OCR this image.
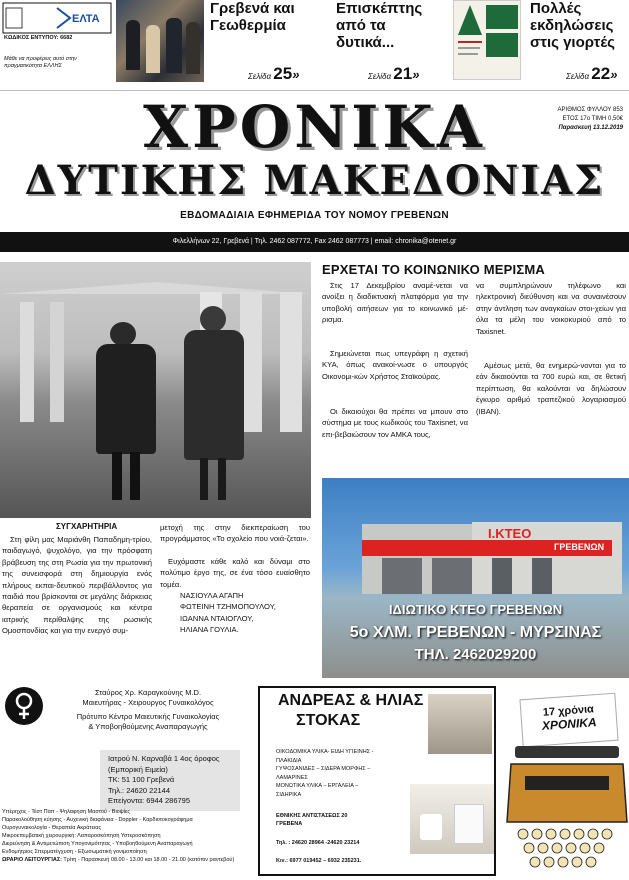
ΕΛΤΑ
ΚΩΔΙΚΟΣ ΕΝΤΥΠΟΥ: 6682
Μάθε να προφέρεις αυτό στην πραγματικότητα ΕΛΛΗΣ
Γρεβενά και Γεωθερμία
Σελίδα 25»
Επισκέπτης από τα δυτικά...
Σελίδα 21»
Πολλές εκδηλώσεις στις γιορτές
Σελίδα 22»
ΧΡΟΝΙΚΑ
ΔΥΤΙΚΗΣ ΜΑΚΕΔΟΝΙΑΣ
ΑΡΙΘΜΟΣ ΦΥΛΛΟΥ 853
ΕΤΟΣ 17ο ΤΙΜΗ 0,50€
Παρασκευή 13.12.2019
ΕΒΔΟΜΑΔΙΑΙΑ ΕΦΗΜΕΡΙΔΑ ΤΟΥ ΝΟΜΟΥ ΓΡΕΒΕΝΩΝ
Φιλελλήνων 22, Γρεβενά | Τηλ. 2462 087772, Fax 2462 087773 | email: chronika@otenet.gr
ΣΥΓΧΑΡΗΤΗΡΙΑ
Στη φίλη μας Μαριάνθη Παπαδημη-τρίου, παιδαγωγό, ψυχολόγο, για την πρόσφατη βράβευση της στη Ρωσία για την πρωτονική της συνεισφορά στη δημιουργία ενός πλήρους εκπαι-δευτικού περιβάλλοντος για παιδιά που βρίσκονται σε μεγάλης διάρκειας θεραπεία σε οργανισμούς και κέντρα ιατρικής περίθαλψης της ρωσικής Ομοσπονδίας και για την ενεργό συμ-
μετοχή της στην διεκπεραίωση του προγράμματος «Το σχολείο που νοιά-ζεται».
Ευχόμαστε κάθε καλό και δύναμι στο πολύτιμο έργο της, σε ένα τόσο ευαίσθητο τομέα.
ΝΑΣΙΟΥΛΑ ΑΓΑΠΗ
ΦΩΤΕΙΝΗ ΤΖΗΜΟΠΟΥΛΟΥ,
ΙΩΑΝΝΑ ΝΤΑΙΟΓΛΟΥ,
ΗΛΙΑΝΑ ΓΟΥΛΙΑ.
ΕΡΧΕΤΑΙ ΤΟ ΚΟΙΝΩΝΙΚΟ ΜΕΡΙΣΜΑ
Στις 17 Δεκεμβρίου αναμέ-νεται να ανοίξει η διαδικτυακή πλατφόρμα για την υποβολή αιτήσεων για το κοινωνικό μέ-ρισμα.
Σημειώνεται πως υπεγράφη η σχετική ΚΥΑ, όπως ανακοί-νωσε ο υπουργός Οικονομι-κών Χρήστος Σταϊκούρας.
Οι δικαιούχοι θα πρέπει να μπουν στο σύστημα με τους κωδικούς του Taxisnet, να επι-βεβαιώσουν τον ΑΜΚΑ τους,
να συμπληρώνουν τηλέφωνο και ηλεκτρονική διεύθυνση και να συναινέσουν στην άντληση των αναγκαίων στοι-χείων για όλα τα μέλη του νοικοκυριού από το Taxisnet.
Αμέσως μετά, θα ενημερώ-νονται για το εάν δικαιούνται τα 700 ευρώ και, σε θετική περίπτωση, θα καλούνται να δηλώσουν έγκυρο αριθμό τραπεζικού λογαριασμού (IBAN).
Ι.ΚΤΕΟ
ΓΡΕΒΕΝΩΝ
ΙΔΙΩΤΙΚΟ ΚΤΕΟ ΓΡΕΒΕΝΩΝ
5ο ΧΛΜ. ΓΡΕΒΕΝΩΝ - ΜΥΡΣΙΝΑΣ
ΤΗΛ. 2462029200
Σταύρος Χρ. Καραγκούνης M.D.
Μαιευτήρας - Χειρουργος Γυναικολόγος
Πρότυπο Κέντρο Μαιευτικής Γυναικολογίας
& Υποβοηθούμενης Αναπαραγωγής
Ιατρού Ν. Καρναβά 1 4ος όροφος
(Εμπορική Ειμεία)
ΤΚ: 51 100 Γρεβενά
Τηλ.: 24620 22144
Επείγοντα: 6944 286795
Υπέρηχος - Τέστ Παπ - Ψηλαφηση Μαστού - Βιοψίες
Παρακολούθηση κύησης - Αυχενική διαφάνεια - Doppler - Καρδιοτοκογράφημα
Ουρογυναικολογία - Θεραπεία Ακράτειας
Μικροεπεμβατική χειρουργική: Λαπαροσκόπηση Υστεροσκόπηση
Διερεύνηση & Αντιμετώπιση Υπογονιμότητας - Υποβοηθούμενη Αναπαραγωγή
Ενδομήτριος Σπερματέγχυση - Εξωσωματική γονιμοποίηση
ΩΡΑΡΙΟ ΛΕΙΤΟΥΡΓΙΑΣ: Τρίτη - Παρασκευή 08.00 - 13.00 και 18.00 - 21.00 (κατόπιν ραντεβού)
ΑΝΔΡΕΑΣ & ΗΛΙΑΣ
ΣΤΟΚΑΣ
ΟΙΚΟΔΟΜΙΚΑ ΥΛΙΚΑ- ΕΙΔΗ ΥΓΙΕΙΝΗΣ -
ΠΛΑΚΙΔΙΑ
ΓΥΨΟΣΑΝΙΔΕΣ – ΣΙΔΕΡΑ ΜΟΡΦΗΣ –
ΛΑΜΑΡΙΝΕΣ
ΜΟΝΩΤΙΚΑ ΥΛΙΚΑ – ΕΡΓΑΛΕΙΑ –
ΣΙΔΗΡΙΚΑ
ΕΘΝΙΚΗΣ ΑΝΤΙΣΤΑΣΕΩΣ 20
ΓΡΕΒΕΝΑ
Τηλ. : 24620 28964 -24620 23214
Κιν.: 6977 019452 – 6932 235231.
17 χρόνια
ΧΡΟΝΙΚΑ
